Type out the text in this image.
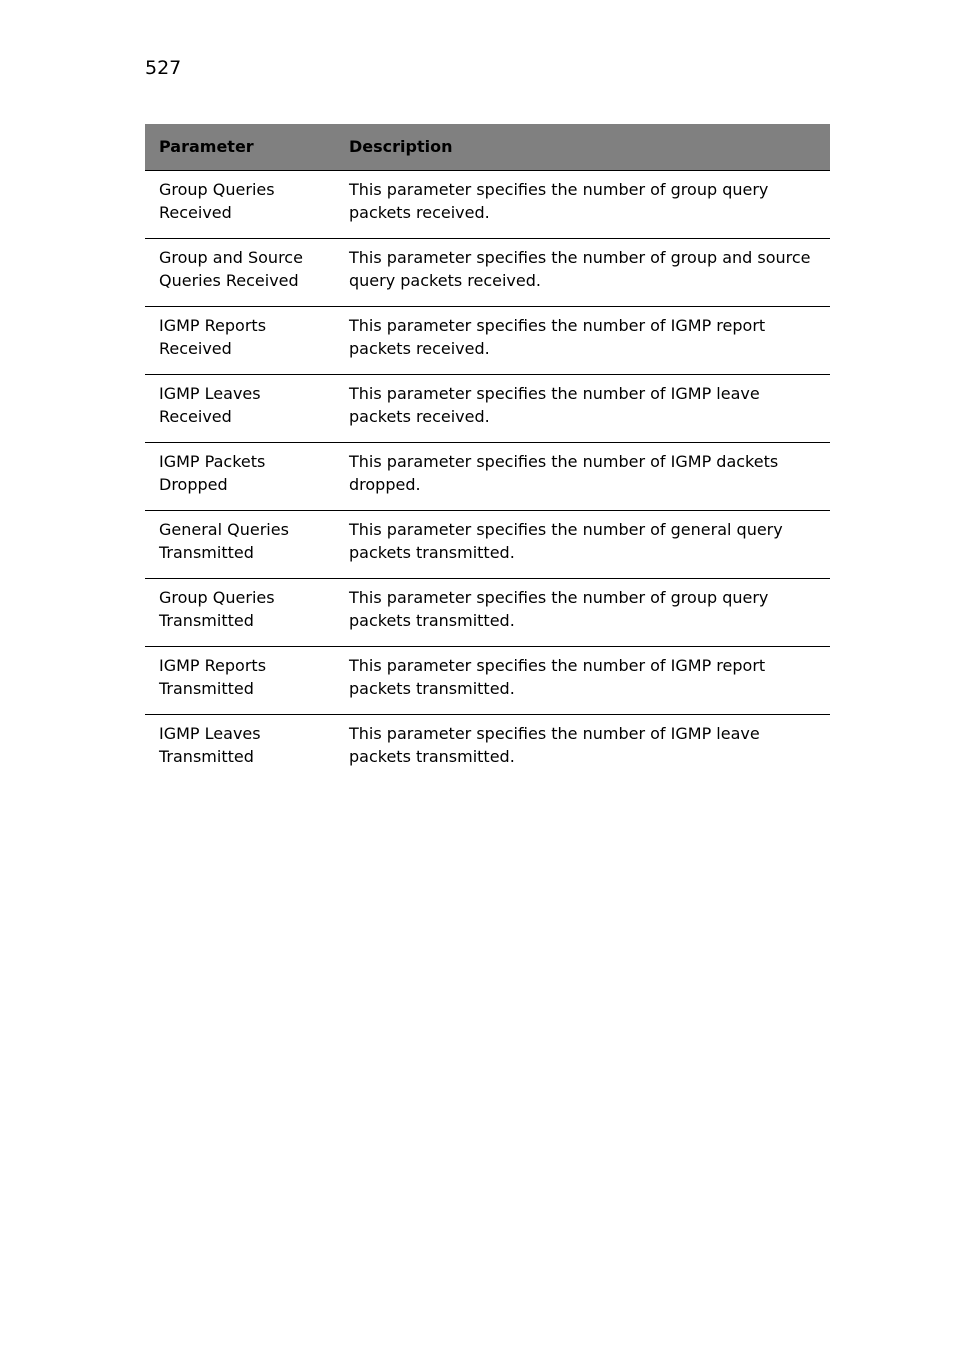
527
Parameter	Description
Group Queries Received	This parameter specifies the number of group query packets received.
Group and Source Queries Received	This parameter specifies the number of group and source query packets received.
IGMP Reports Received	This parameter specifies the number of IGMP report packets received.
IGMP Leaves Received	This parameter specifies the number of IGMP leave packets received.
IGMP Packets Dropped	This parameter specifies the number of IGMP dackets dropped.
General Queries Transmitted	This parameter specifies the number of general query packets transmitted.
Group Queries Transmitted	This parameter specifies the number of group query packets transmitted.
IGMP Reports Transmitted	This parameter specifies the number of IGMP report packets transmitted.
IGMP Leaves Transmitted	This parameter specifies the number of IGMP leave packets transmitted.
